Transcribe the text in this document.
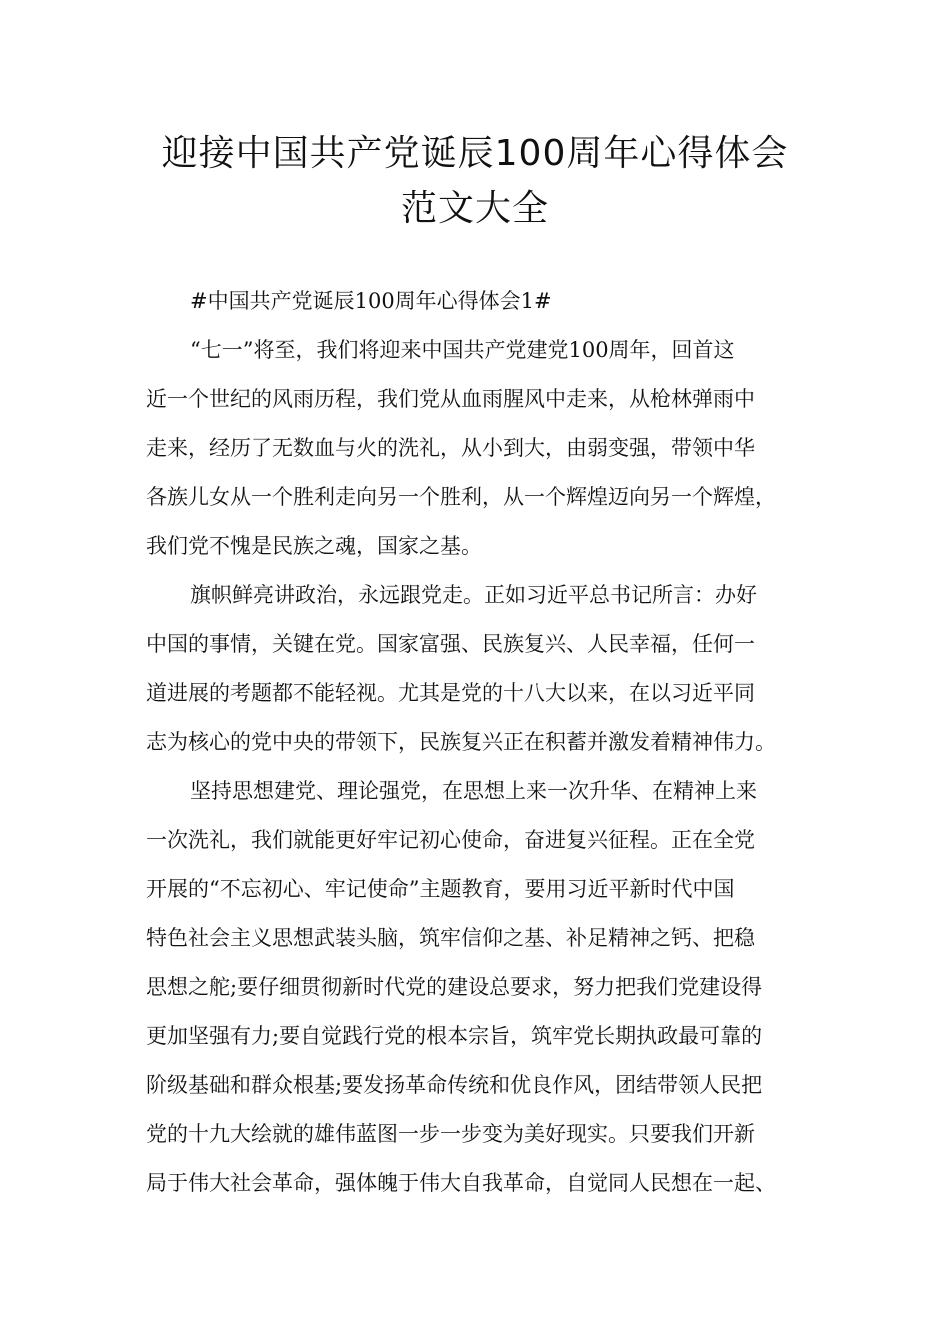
迎接中国共产党诞辰100周年心得体会
范文大全
#中国共产党诞辰100周年心得体会1#
“七一”将至，我们将迎来中国共产党建党100周年，回首这
近一个世纪的风雨历程，我们党从血雨腥风中走来，从枪林弹雨中
走来，经历了无数血与火的洗礼，从小到大，由弱变强，带领中华
各族儿女从一个胜利走向另一个胜利，从一个辉煌迈向另一个辉煌，
我们党不愧是民族之魂，国家之基。
旗帜鲜亮讲政治，永远跟党走。正如习近平总书记所言：办好
中国的事情，关键在党。国家富强、民族复兴、人民幸福，任何一
道进展的考题都不能轻视。尤其是党的十八大以来，在以习近平同
志为核心的党中央的带领下，民族复兴正在积蓄并激发着精神伟力。
坚持思想建党、理论强党，在思想上来一次升华、在精神上来
一次洗礼，我们就能更好牢记初心使命，奋进复兴征程。正在全党
开展的“不忘初心、牢记使命”主题教育，要用习近平新时代中国
特色社会主义思想武装头脑，筑牢信仰之基、补足精神之钙、把稳
思想之舵;要仔细贯彻新时代党的建设总要求，努力把我们党建设得
更加坚强有力;要自觉践行党的根本宗旨，筑牢党长期执政最可靠的
阶级基础和群众根基;要发扬革命传统和优良作风，团结带领人民把
党的十九大绘就的雄伟蓝图一步一步变为美好现实。只要我们开新
局于伟大社会革命，强体魄于伟大自我革命，自觉同人民想在一起、
